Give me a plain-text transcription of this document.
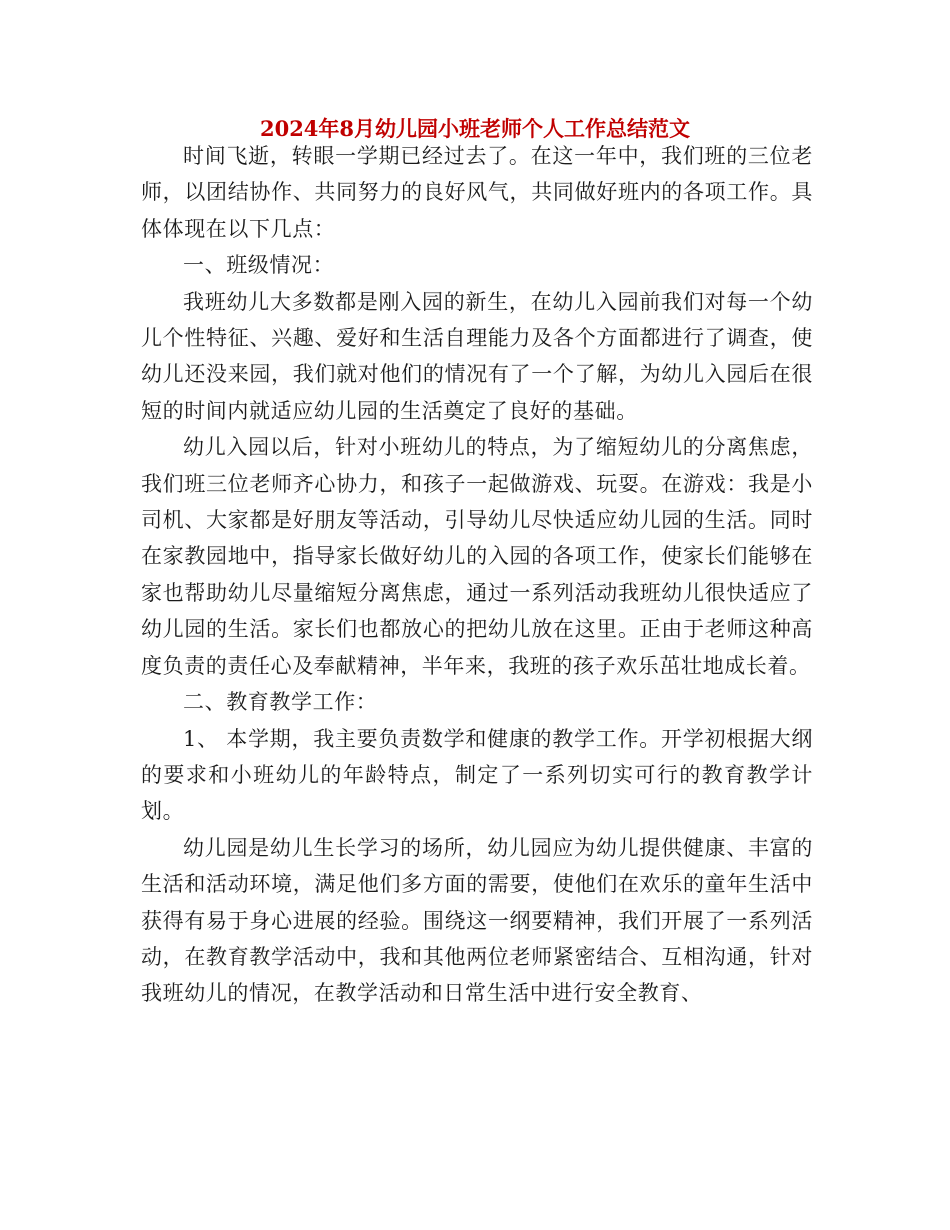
2024年8月幼儿园小班老师个人工作总结范文

时间飞逝，转眼一学期已经过去了。在这一年中，我们班的三位老师，以团结协作、共同努力的良好风气，共同做好班内的各项工作。具体体现在以下几点：

一、班级情况：

我班幼儿大多数都是刚入园的新生，在幼儿入园前我们对每一个幼儿个性特征、兴趣、爱好和生活自理能力及各个方面都进行了调查，使幼儿还没来园，我们就对他们的情况有了一个了解，为幼儿入园后在很短的时间内就适应幼儿园的生活奠定了良好的基础。

幼儿入园以后，针对小班幼儿的特点，为了缩短幼儿的分离焦虑，我们班三位老师齐心协力，和孩子一起做游戏、玩耍。在游戏：我是小司机、大家都是好朋友等活动，引导幼儿尽快适应幼儿园的生活。同时在家教园地中，指导家长做好幼儿的入园的各项工作，使家长们能够在家也帮助幼儿尽量缩短分离焦虑，通过一系列活动我班幼儿很快适应了幼儿园的生活。家长们也都放心的把幼儿放在这里。正由于老师这种高度负责的责任心及奉献精神，半年来，我班的孩子欢乐茁壮地成长着。

二、教育教学工作：

1、 本学期，我主要负责数学和健康的教学工作。开学初根据大纲的要求和小班幼儿的年龄特点，制定了一系列切实可行的教育教学计划。

幼儿园是幼儿生长学习的场所，幼儿园应为幼儿提供健康、丰富的生活和活动环境，满足他们多方面的需要，使他们在欢乐的童年生活中获得有易于身心进展的经验。围绕这一纲要精神，我们开展了一系列活动，在教育教学活动中，我和其他两位老师紧密结合、互相沟通，针对我班幼儿的情况，在教学活动和日常生活中进行安全教育、
